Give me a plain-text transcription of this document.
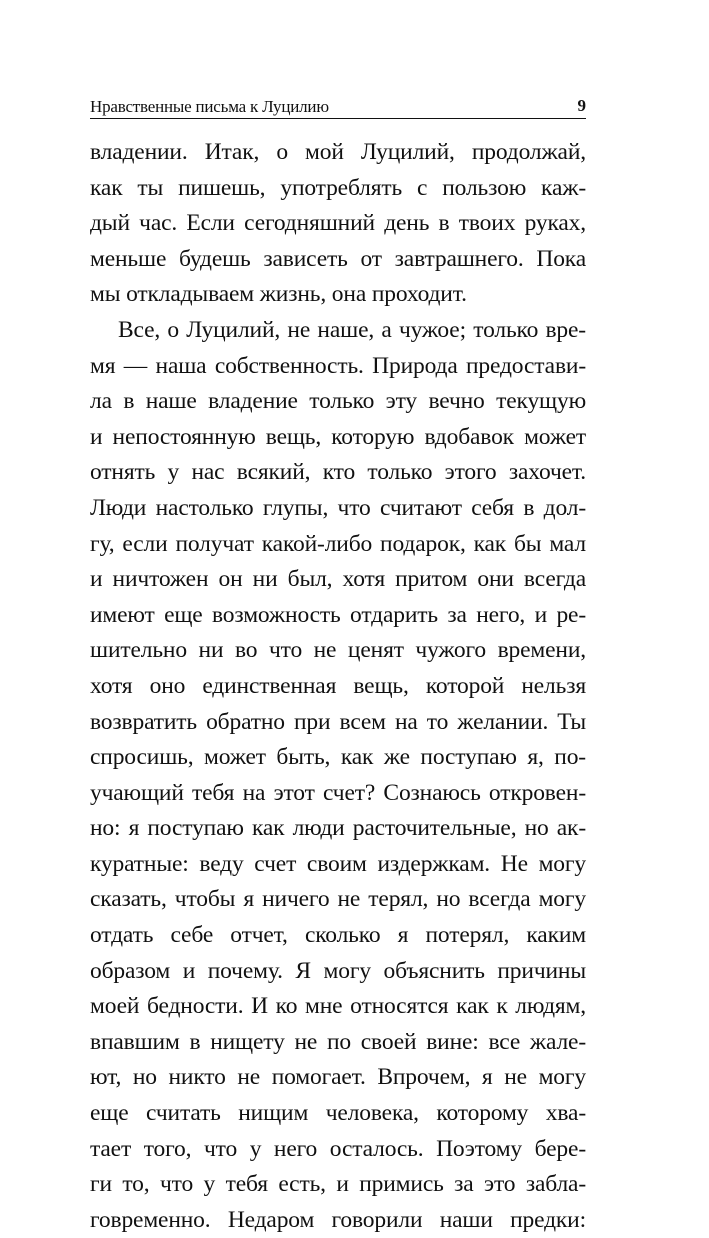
Нравственные письма к Луцилию	9
владении. Итак, о мой Луцилий, продолжай,
как ты пишешь, употреблять с пользою каж-
дый час. Если сегодняшний день в твоих руках,
меньше будешь зависеть от завтрашнего. Пока
мы откладываем жизнь, она проходит.
Все, о Луцилий, не наше, а чужое; только вре-
мя — наша собственность. Природа предостави-
ла в наше владение только эту вечно текущую
и непостоянную вещь, которую вдобавок может
отнять у нас всякий, кто только этого захочет.
Люди настолько глупы, что считают себя в дол-
гу, если получат какой-либо подарок, как бы мал
и ничтожен он ни был, хотя притом они всегда
имеют еще возможность отдарить за него, и ре-
шительно ни во что не ценят чужого времени,
хотя оно единственная вещь, которой нельзя
возвратить обратно при всем на то желании. Ты
спросишь, может быть, как же поступаю я, по-
учающий тебя на этот счет? Сознаюсь откровен-
но: я поступаю как люди расточительные, но ак-
куратные: веду счет своим издержкам. Не могу
сказать, чтобы я ничего не терял, но всегда могу
отдать себе отчет, сколько я потерял, каким
образом и почему. Я могу объяснить причины
моей бедности. И ко мне относятся как к людям,
впавшим в нищету не по своей вине: все жале-
ют, но никто не помогает. Впрочем, я не могу
еще считать нищим человека, которому хва-
тает того, что у него осталось. Поэтому бере-
ги то, что у тебя есть, и примись за это забла-
говременно. Недаром говорили наши предки:
